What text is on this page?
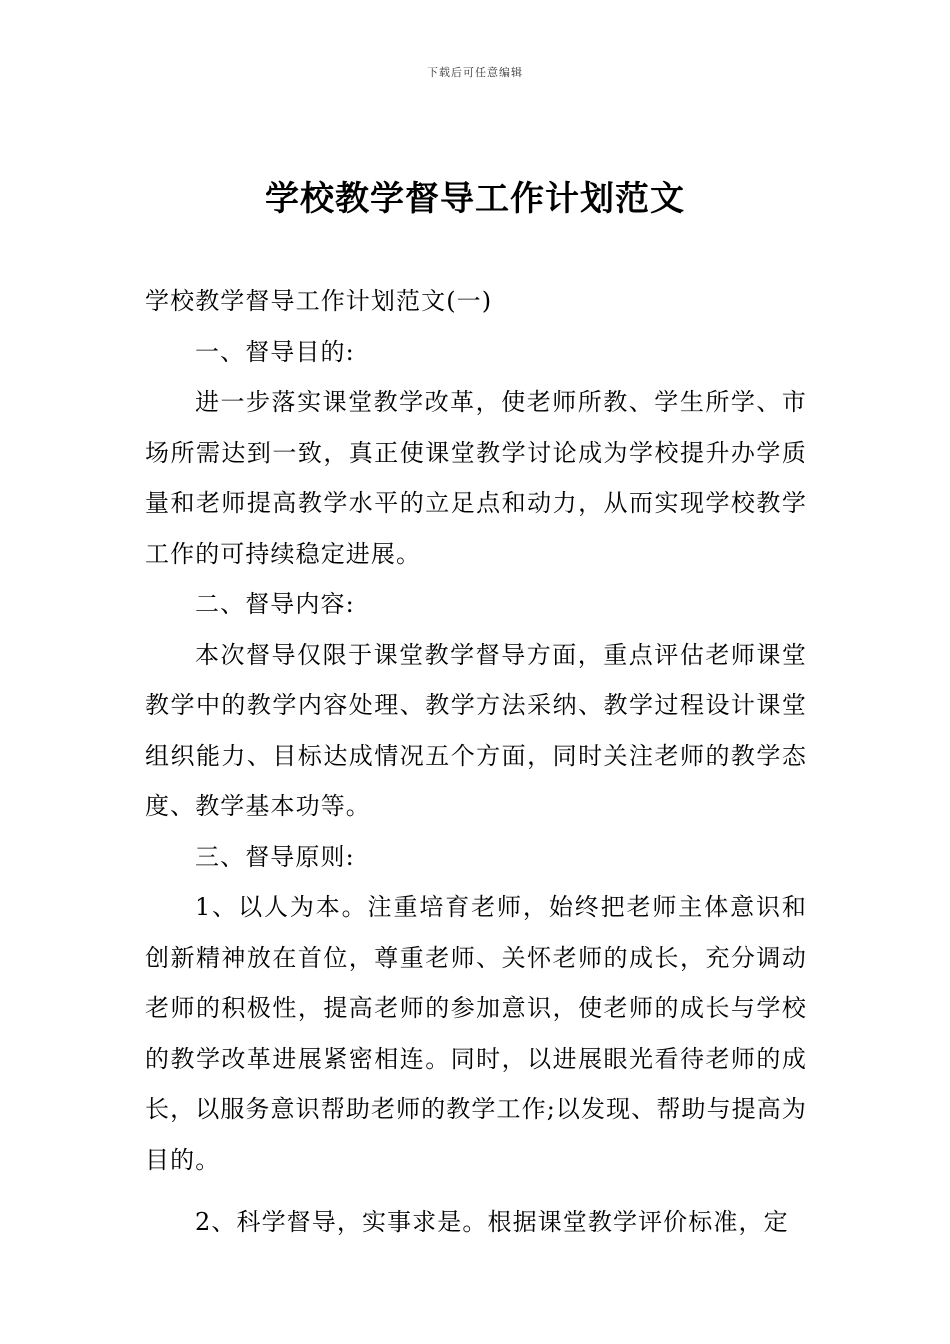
下载后可任意编辑
学校教学督导工作计划范文

学校教学督导工作计划范文(一)

一、督导目的:

进一步落实课堂教学改革，使老师所教、学生所学、市场所需达到一致，真正使课堂教学讨论成为学校提升办学质量和老师提高教学水平的立足点和动力，从而实现学校教学工作的可持续稳定进展。

二、督导内容:

本次督导仅限于课堂教学督导方面，重点评估老师课堂教学中的教学内容处理、教学方法采纳、教学过程设计课堂组织能力、目标达成情况五个方面，同时关注老师的教学态度、教学基本功等。

三、督导原则:

1、以人为本。注重培育老师，始终把老师主体意识和创新精神放在首位，尊重老师、关怀老师的成长，充分调动老师的积极性，提高老师的参加意识，使老师的成长与学校的教学改革进展紧密相连。同时，以进展眼光看待老师的成长，以服务意识帮助老师的教学工作;以发现、帮助与提高为目的。

2、科学督导，实事求是。根据课堂教学评价标准，定
